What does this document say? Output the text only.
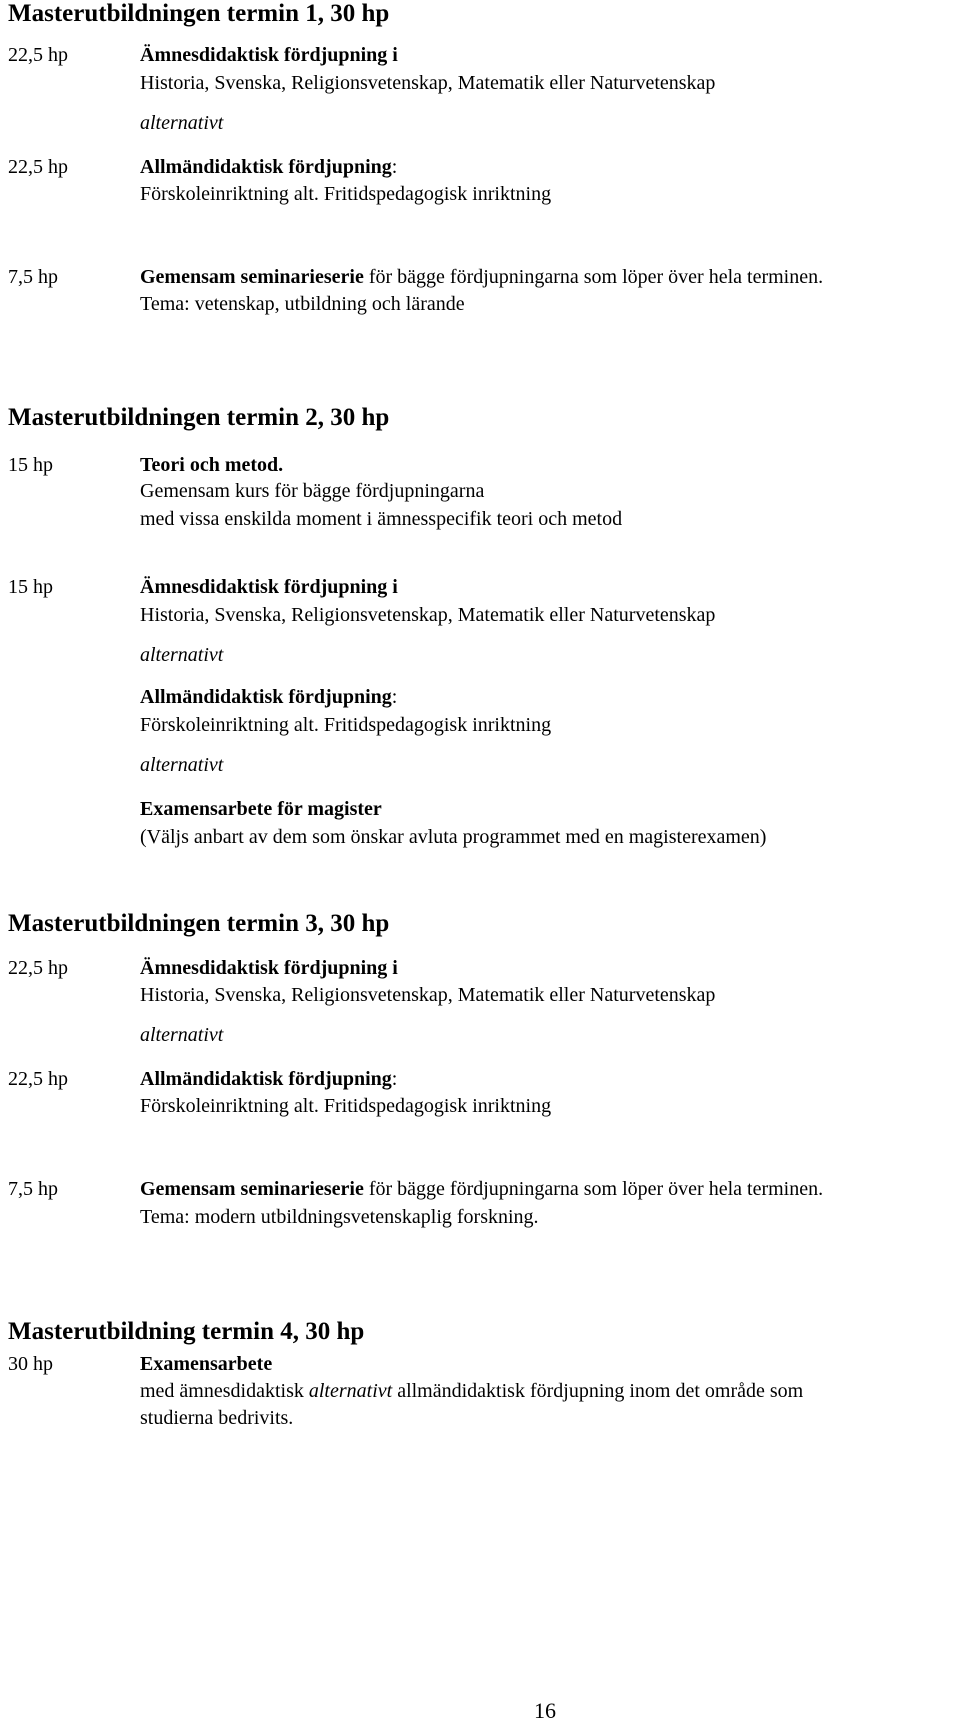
Masterutbildningen termin 1, 30 hp
22,5 hp	Ämnesdidaktisk fördjupning i
Historia, Svenska, Religionsvetenskap, Matematik eller Naturvetenskap
alternativt
22,5 hp	Allmändidaktisk fördjupning:
Förskoleinriktning alt. Fritidspedagogisk inriktning
7,5 hp	Gemensam seminarieserie för bägge fördjupningarna som löper över hela terminen.
Tema: vetenskap, utbildning och lärande
Masterutbildningen termin 2, 30 hp
15 hp	Teori och metod.
Gemensam kurs för bägge fördjupningarna
med vissa enskilda moment i ämnesspecifik teori och metod
15 hp	Ämnesdidaktisk fördjupning i
Historia, Svenska, Religionsvetenskap, Matematik eller Naturvetenskap
alternativt
Allmändidaktisk fördjupning:
Förskoleinriktning alt. Fritidspedagogisk inriktning
alternativt
Examensarbete för magister
(Väljs anbart av dem som önskar avluta programmet med en magisterexamen)
Masterutbildningen termin 3, 30 hp
22,5 hp	Ämnesdidaktisk fördjupning i
Historia, Svenska, Religionsvetenskap, Matematik eller Naturvetenskap
alternativt
22,5 hp	Allmändidaktisk fördjupning:
Förskoleinriktning alt. Fritidspedagogisk inriktning
7,5 hp	Gemensam seminarieserie för bägge fördjupningarna som löper över hela terminen.
Tema: modern utbildningsvetenskaplig forskning.
Masterutbildning termin 4, 30 hp
30 hp	Examensarbete
med ämnesdidaktisk alternativt allmändidaktisk fördjupning inom det område som
studierna bedrivits.
16
